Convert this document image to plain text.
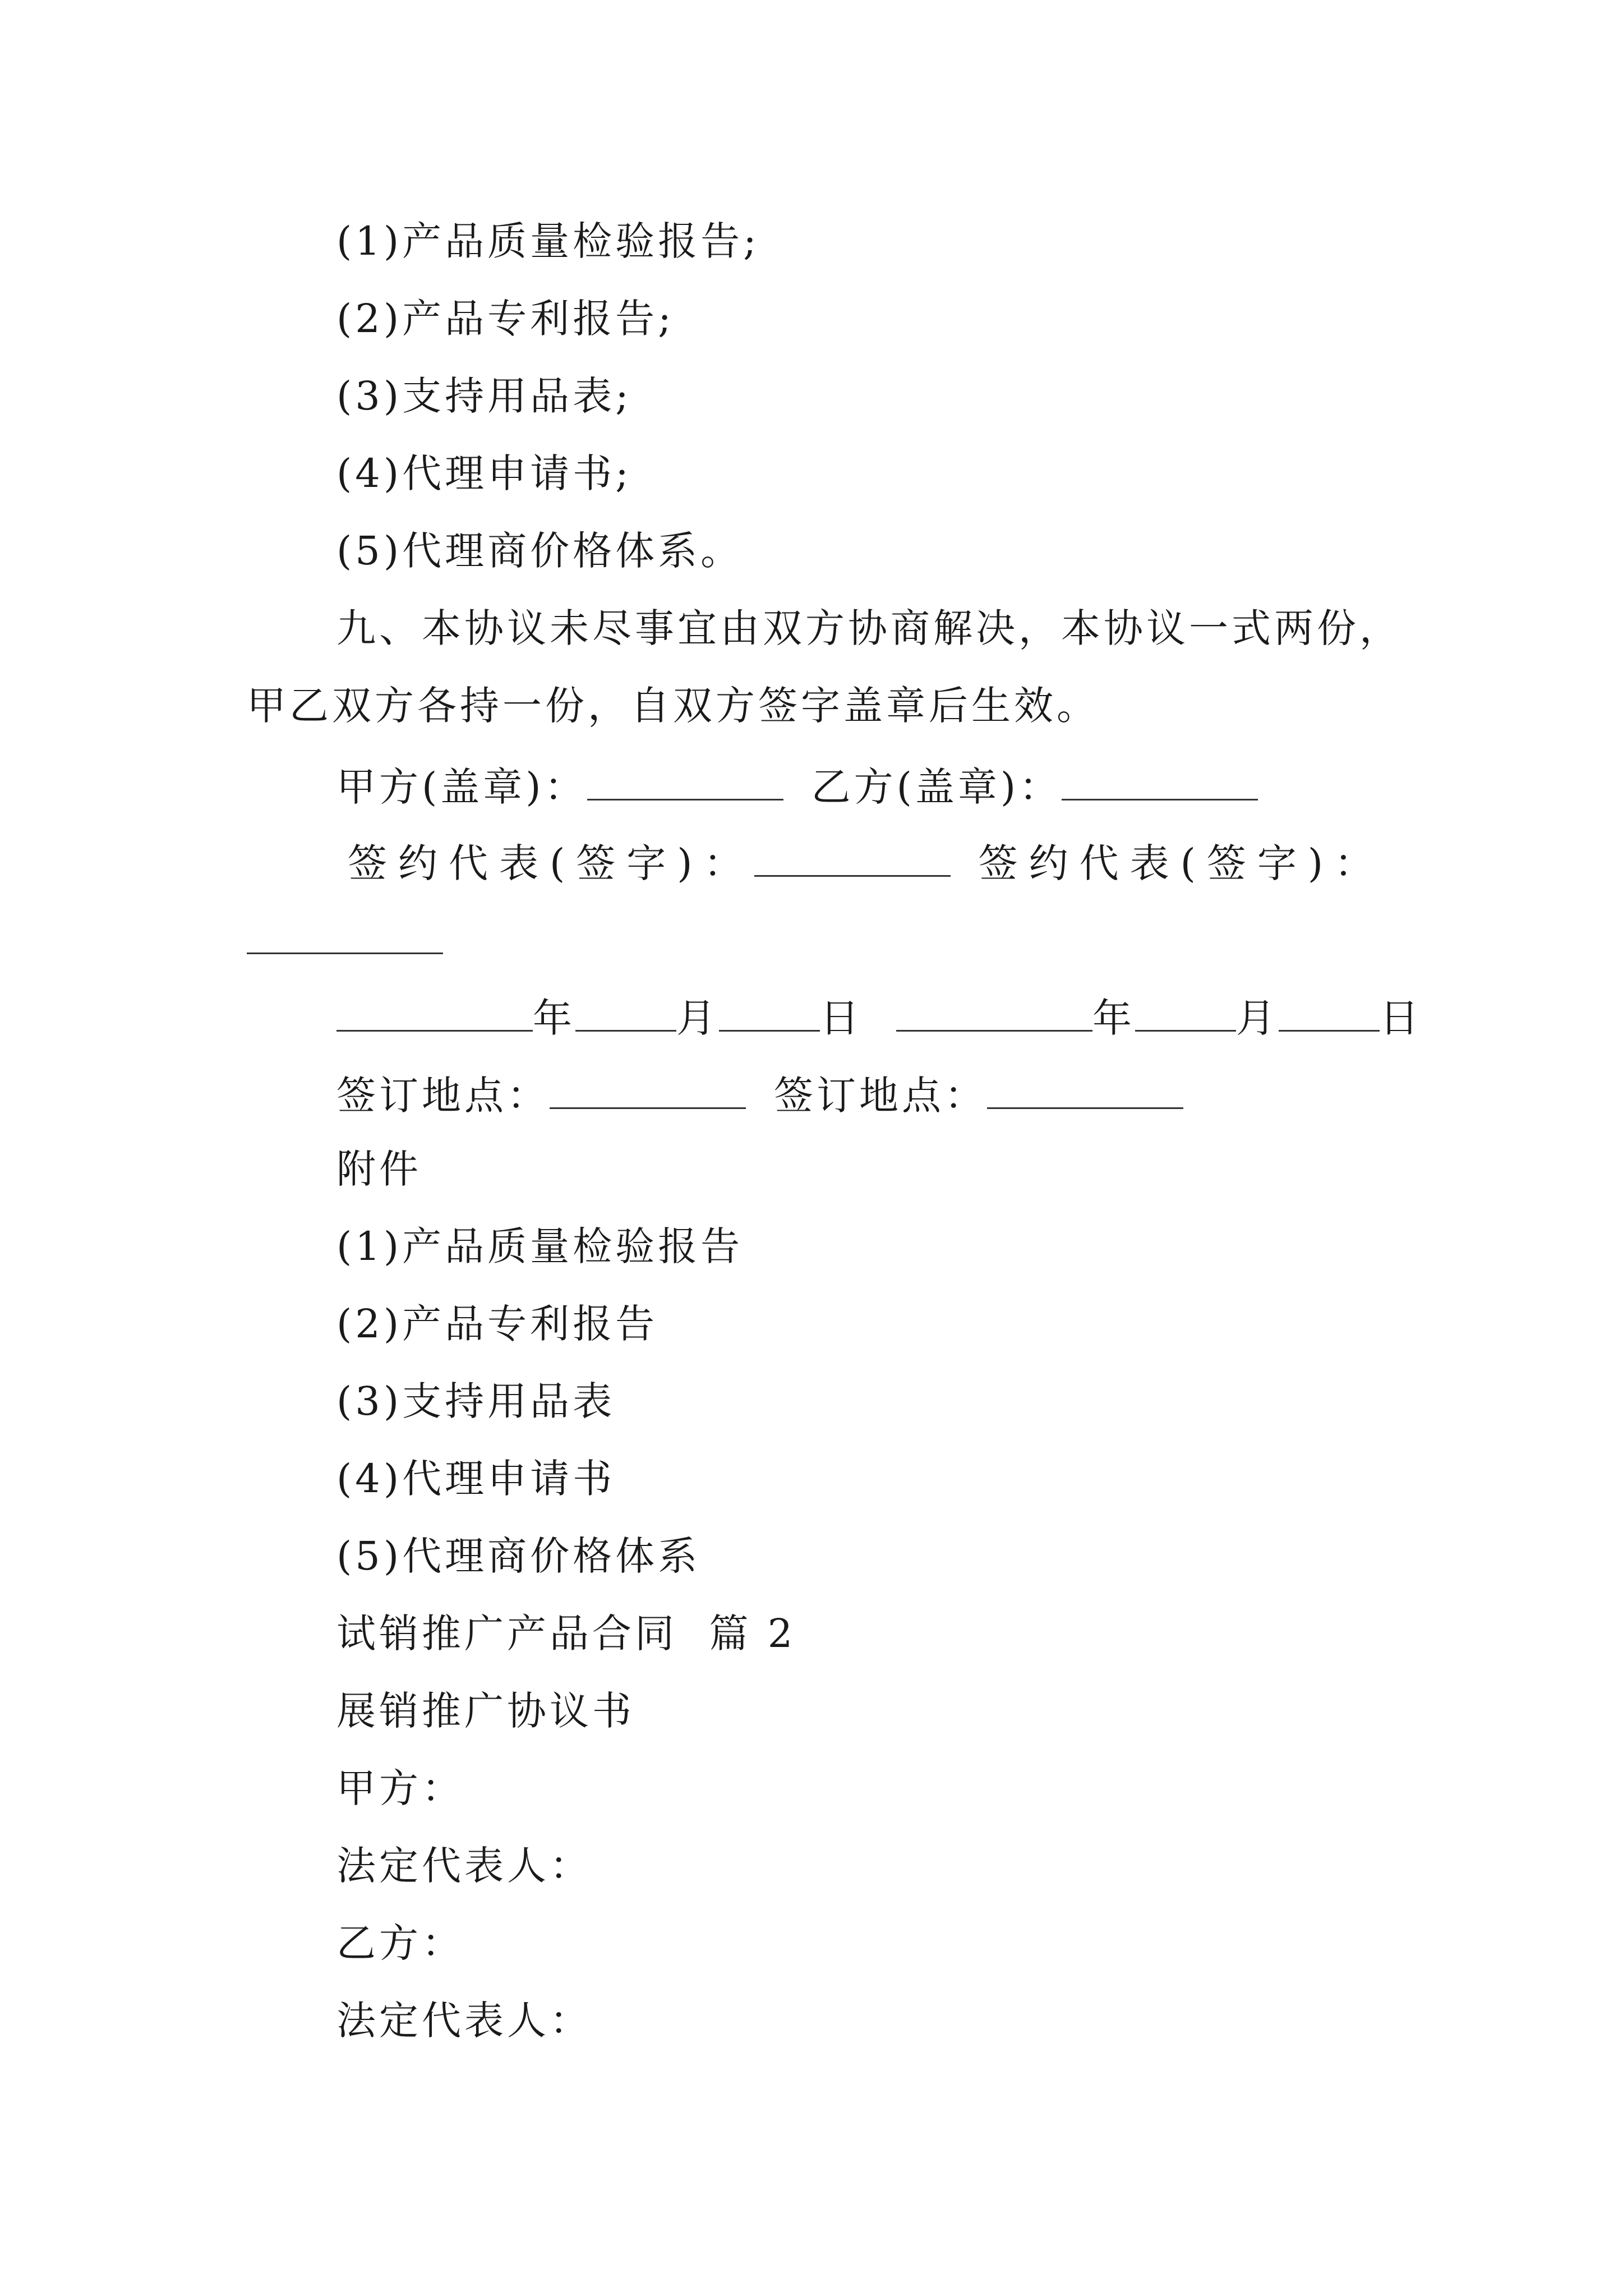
(1)产品质量检验报告;
(2)产品专利报告;
(3)支持用品表;
(4)代理申请书;
(5)代理商价格体系。
九、本协议未尽事宜由双方协商解决，本协议一式两份，
甲乙双方各持一份，自双方签字盖章后生效。
甲方(盖章)：	乙方(盖章)：
签约代表(签字)：	签约代表(签字)：
年	月	日	年	月	日
签订地点：	签订地点：
附件
(1)产品质量检验报告
(2)产品专利报告
(3)支持用品表
(4)代理申请书
(5)代理商价格体系
试销推广产品合同  篇 2
展销推广协议书
甲方：
法定代表人：
乙方：
法定代表人：
